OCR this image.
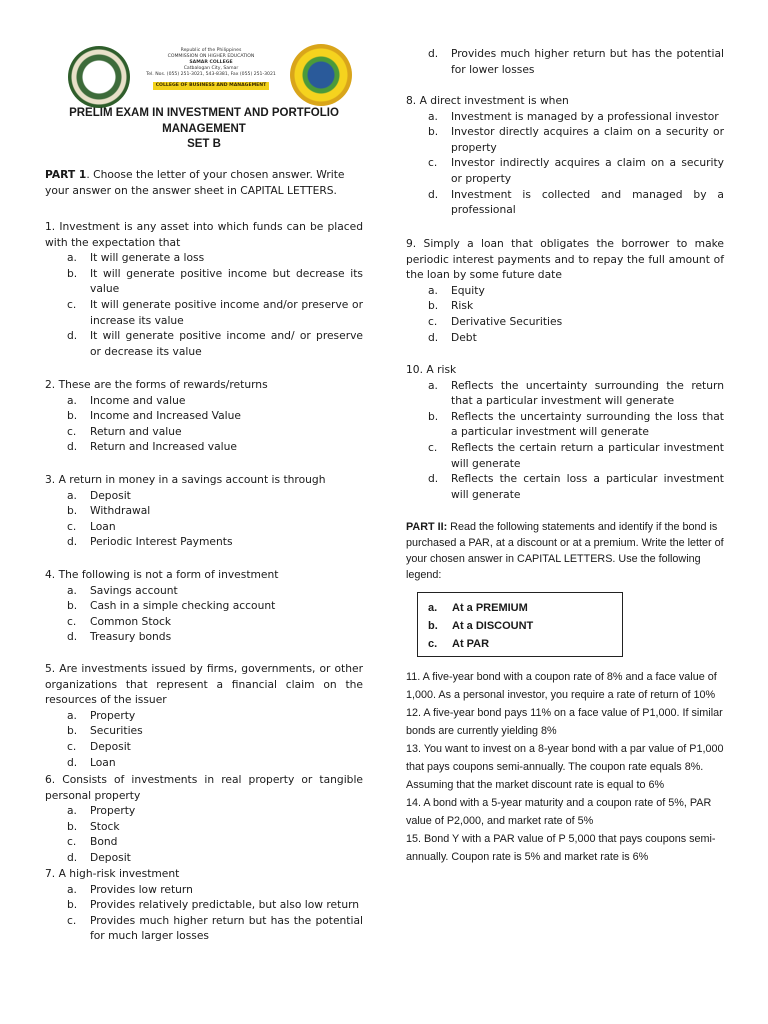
Republic of the Philippines
COMMISSION ON HIGHER EDUCATION
SAMAR COLLEGE
Catbalogan City, Samar
Tel. Nos. (055) 251-3021, 543-8381, Fax (055) 251-3021
COLLEGE OF BUSINESS AND MANAGEMENT
PRELIM EXAM IN INVESTMENT AND PORTFOLIO
MANAGEMENT
SET B
PART 1. Choose the letter of your chosen answer. Write your answer on the answer sheet in CAPITAL LETTERS.
1. Investment is any asset into which funds can be placed with the expectation that
a. It will generate a loss
b. It will generate positive income but decrease its value
c. It will generate positive income and/or preserve or increase its value
d. It will generate positive income and/ or preserve or decrease its value
2. These are the forms of rewards/returns
a. Income and value
b. Income and Increased Value
c. Return and value
d. Return and Increased value
3. A return in money in a savings account is through
a. Deposit
b. Withdrawal
c. Loan
d. Periodic Interest Payments
4. The following is not a form of investment
a. Savings account
b. Cash in a simple checking account
c. Common Stock
d. Treasury bonds
5. Are investments issued by firms, governments, or other organizations that represent a financial claim on the resources of the issuer
a. Property
b. Securities
c. Deposit
d. Loan
6. Consists of investments in real property or tangible personal property
a. Property
b. Stock
c. Bond
d. Deposit
7. A high-risk investment
a. Provides low return
b. Provides relatively predictable, but also low return
c. Provides much higher return but has the potential for much larger losses
8. A direct investment is when
a. Investment is managed by a professional investor
b. Investor directly acquires a claim on a security or property
c. Investor indirectly acquires a claim on a security or property
d. Investment is collected and managed by a professional
9. Simply a loan that obligates the borrower to make periodic interest payments and to repay the full amount of the loan by some future date
a. Equity
b. Risk
c. Derivative Securities
d. Debt
10. A risk
a. Reflects the uncertainty surrounding the return that a particular investment will generate
b. Reflects the uncertainty surrounding the loss that a particular investment will generate
c. Reflects the certain return a particular investment will generate
d. Reflects the certain loss a particular investment will generate
d. Provides much higher return but has the potential for lower losses
PART II: Read the following statements and identify if the bond is purchased a PAR, at a discount or at a premium. Write the letter of your chosen answer in CAPITAL LETTERS. Use the following legend:
a. At a PREMIUM
b. At a DISCOUNT
c. At PAR
11. A five-year bond with a coupon rate of 8% and a face value of 1,000. As a personal investor, you require a rate of return of 10%
12. A five-year bond pays 11% on a face value of P1,000. If similar bonds are currently yielding 8%
13. You want to invest on a 8-year bond with a par value of P1,000 that pays coupons semi-annually. The coupon rate equals 8%. Assuming that the market discount rate is equal to 6%
14. A bond with a 5-year maturity and a coupon rate of 5%, PAR value of P2,000, and market rate of 5%
15. Bond Y with a PAR value of P 5,000 that pays coupons semi-annually. Coupon rate is 5% and market rate is 6%
